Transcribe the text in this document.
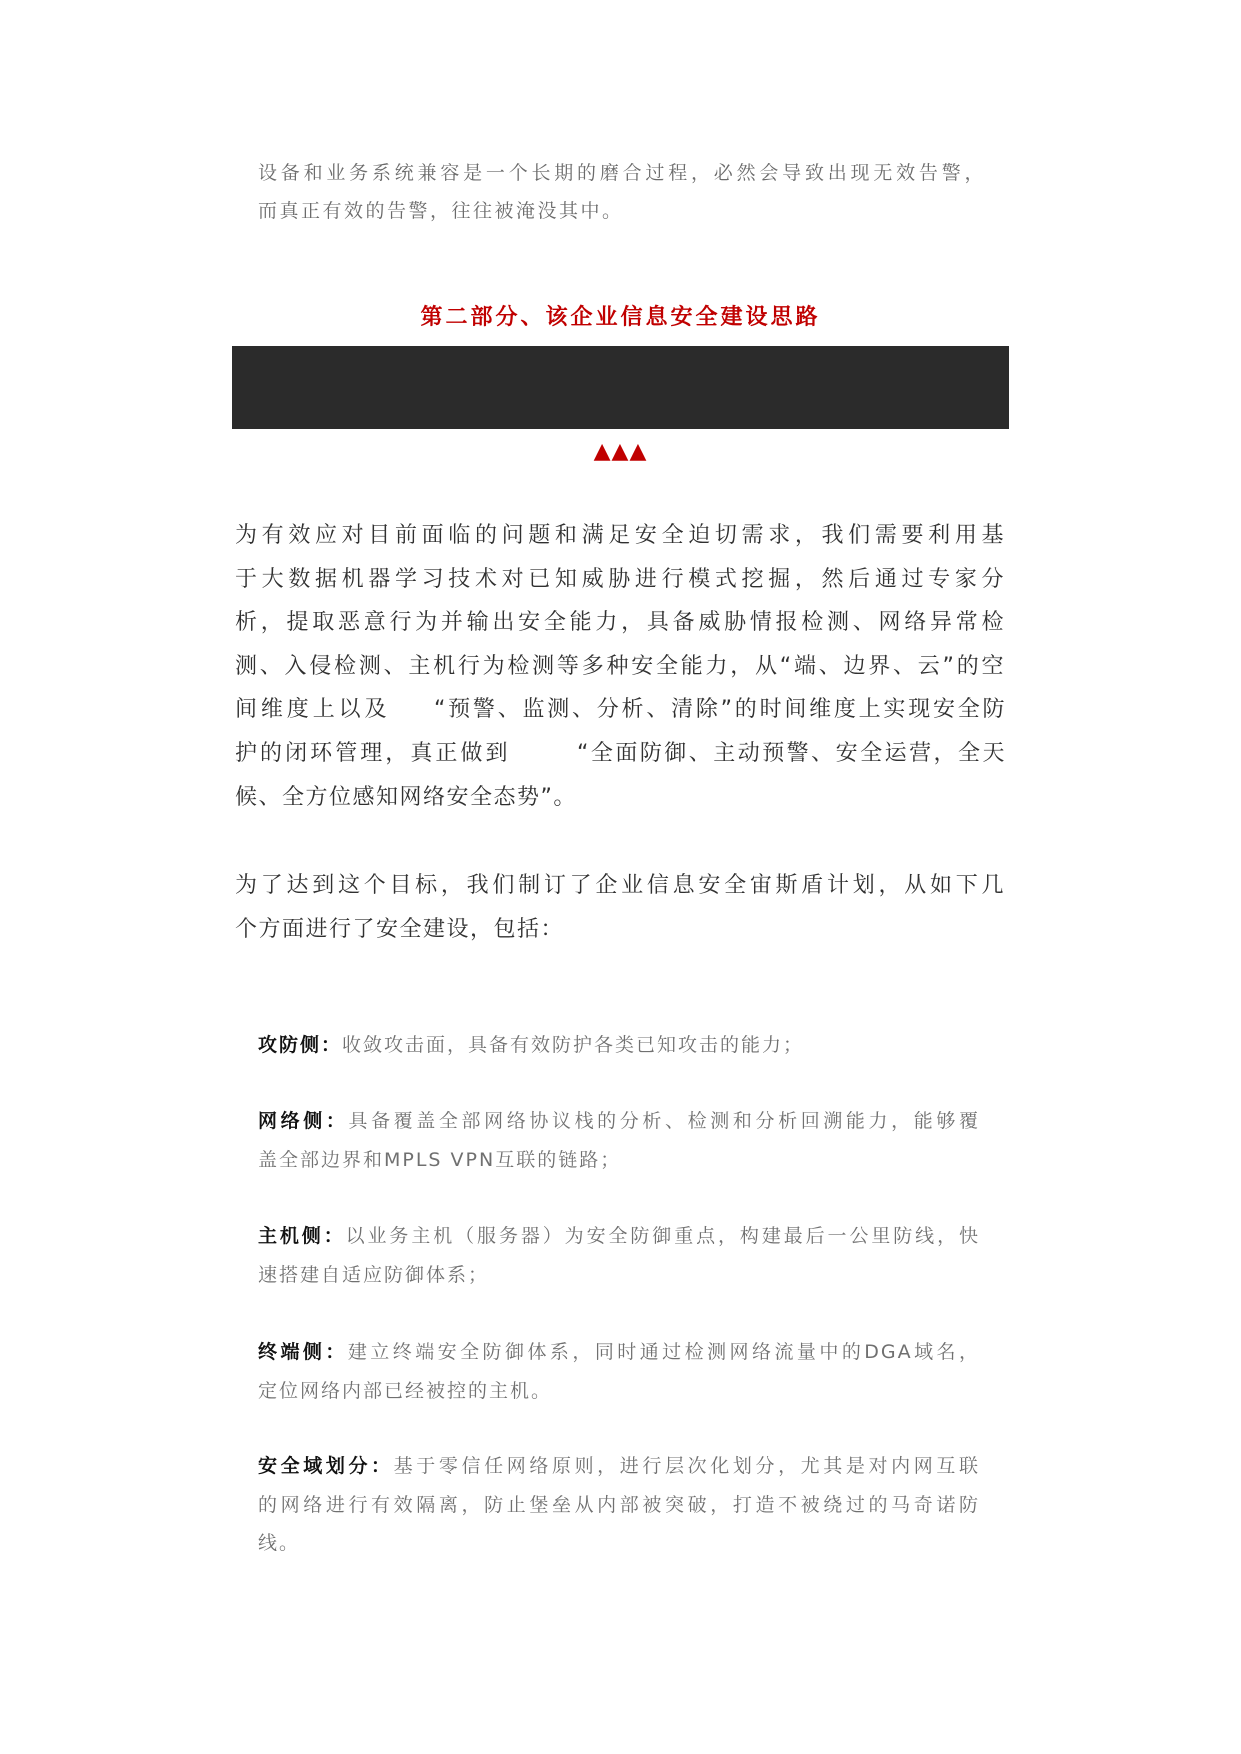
设备和业务系统兼容是一个长期的磨合过程，必然会导致出现无效告警，
而真正有效的告警，往往被淹没其中。
第二部分、该企业信息安全建设思路
▲▲▲
为有效应对目前面临的问题和满足安全迫切需求，我们需要利用基
于大数据机器学习技术对已知威胁进行模式挖掘，然后通过专家分
析，提取恶意行为并输出安全能力，具备威胁情报检测、网络异常检
测、入侵检测、主机行为检测等多种安全能力，从“端、边界、云”的空
间维度上以及 “预警、监测、分析、清除”的时间维度上实现安全防
护的闭环管理，真正做到	“全面防御、主动预警、安全运营，全天
候、全方位感知网络安全态势”。
为了达到这个目标，我们制订了企业信息安全宙斯盾计划，从如下几
个方面进行了安全建设，包括：
攻防侧：收敛攻击面，具备有效防护各类已知攻击的能力；
网络侧：具备覆盖全部网络协议栈的分析、检测和分析回溯能力，能够覆
盖全部边界和MPLS VPN互联的链路；
主机侧：以业务主机（服务器）为安全防御重点，构建最后一公里防线，快
速搭建自适应防御体系；
终端侧：建立终端安全防御体系，同时通过检测网络流量中的DGA域名，
定位网络内部已经被控的主机。
安全域划分：基于零信任网络原则，进行层次化划分，尤其是对内网互联
的网络进行有效隔离，防止堡垒从内部被突破，打造不被绕过的马奇诺防
线。
